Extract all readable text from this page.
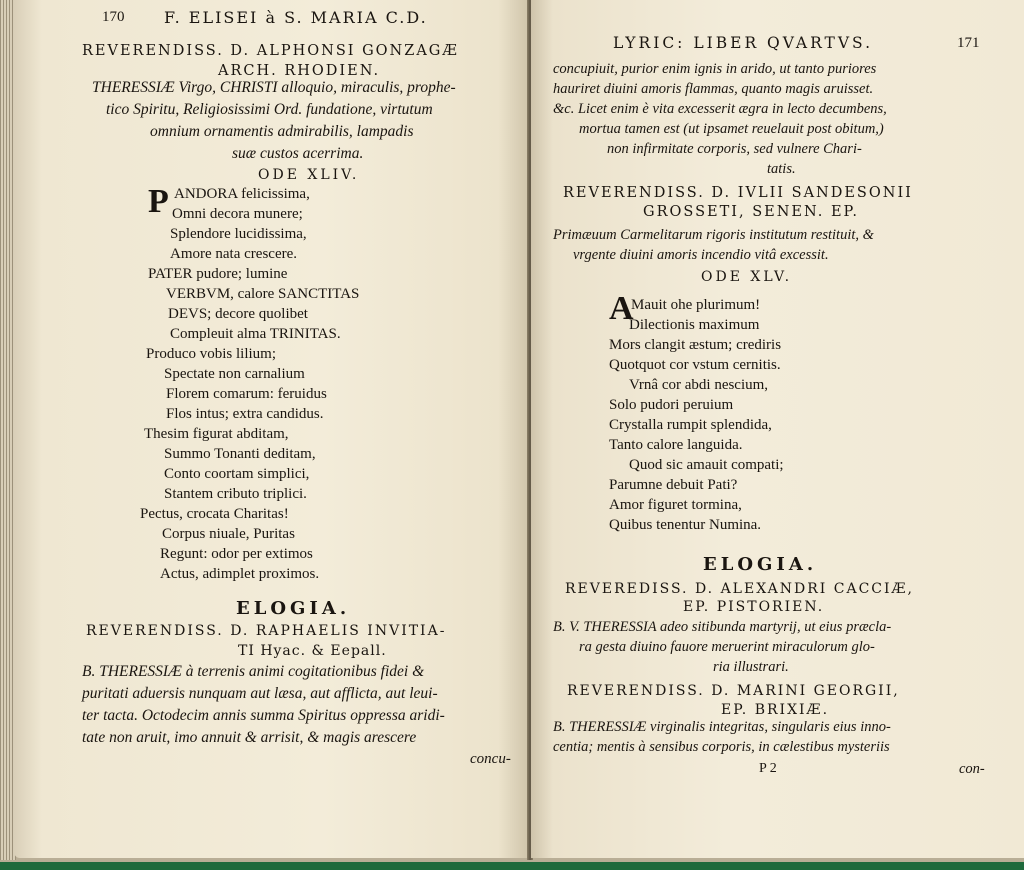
170 F. ELISEI à S. MARIA C.D.
REVERENDISS. D. ALPHONSI GONZAGÆ
ARCH. RHODIEN.
THERESSIÆ Virgo, CHRISTI alloquio, miraculis, prophe-
tico Spiritu, Religiosissimi Ord. fundatione, virtutum
omnium ornamentis admirabilis, lampadis
suæ custos acerrima.
ODE XLIV.
P ANDORA felicissima,
Omni decora munere;
Splendore lucidissima,
Amore nata crescere.
PATER pudore; lumine
VERBVM, calore SANCTITAS
DEVS; decore quolibet
Compleuit alma TRINITAS.
Produco vobis lilium;
Spectate non carnalium
Florem comarum: feruidus
Flos intus; extra candidus.
Thesim figurat abditam,
Summo Tonanti deditam,
Conto coortam simplici,
Stantem cributo triplici.
Pectus, crocata Charitas!
Corpus niuale, Puritas
Regunt: odor per extimos
Actus, adimplet proximos.
ELOGIA.
REVERENDISS. D. RAPHAELIS INVITIA-
TI Hyac. & Eepall.
B. THERESSIÆ à terrenis animi cogitationibus fidei &
puritati aduersis nunquam aut læsa, aut afflicta, aut leui-
ter tacta. Octodecim annis summa Spiritus oppressa aridi-
tate non aruit, imo annuit & arrisit, & magis arescere
concu-
LYRIC: LIBER QVARTVS.	171
concupiuit, purior enim ignis in arido, ut tanto puriores
hauriret diuini amoris flammas, quanto magis aruisset.
&c. Licet enim è vita excesserit ægra in lecto decumbens,
mortua tamen est (ut ipsamet reuelauit post obitum,)
non infirmitate corporis, sed vulnere Chari-
tatis.
REVERENDISS. D. IVLII SANDESONII
GROSSETI, SENEN. EP.
Primæuum Carmelitarum rigoris institutum restituit, &
vrgente diuini amoris incendio vitâ excessit.
ODE XLV.
A
Mauit ohe plurimum!
Dilectionis maximum
Mors clangit æstum; crediris
Quotquot cor vstum cernitis.
Vrnâ cor abdi nescium,
Solo pudori peruium
Crystalla rumpit splendida,
Tanto calore languida.
Quod sic amauit compati;
Parumne debuit Pati?
Amor figuret tormina,
Quibus tenentur Numina.
ELOGIA.
REVEREDISS. D. ALEXANDRI CACCIÆ,
EP. PISTORIEN.
B. V. THERESSIA adeo sitibunda martyrij, ut eius præcla-
ra gesta diuino fauore meruerint miraculorum glo-
ria illustrari.
REVERENDISS. D. MARINI GEORGII,
EP. BRIXIÆ.
B. THERESSIÆ virginalis integritas, singularis eius inno-
centia; mentis à sensibus corporis, in cælestibus mysteriis
P 2	con-
